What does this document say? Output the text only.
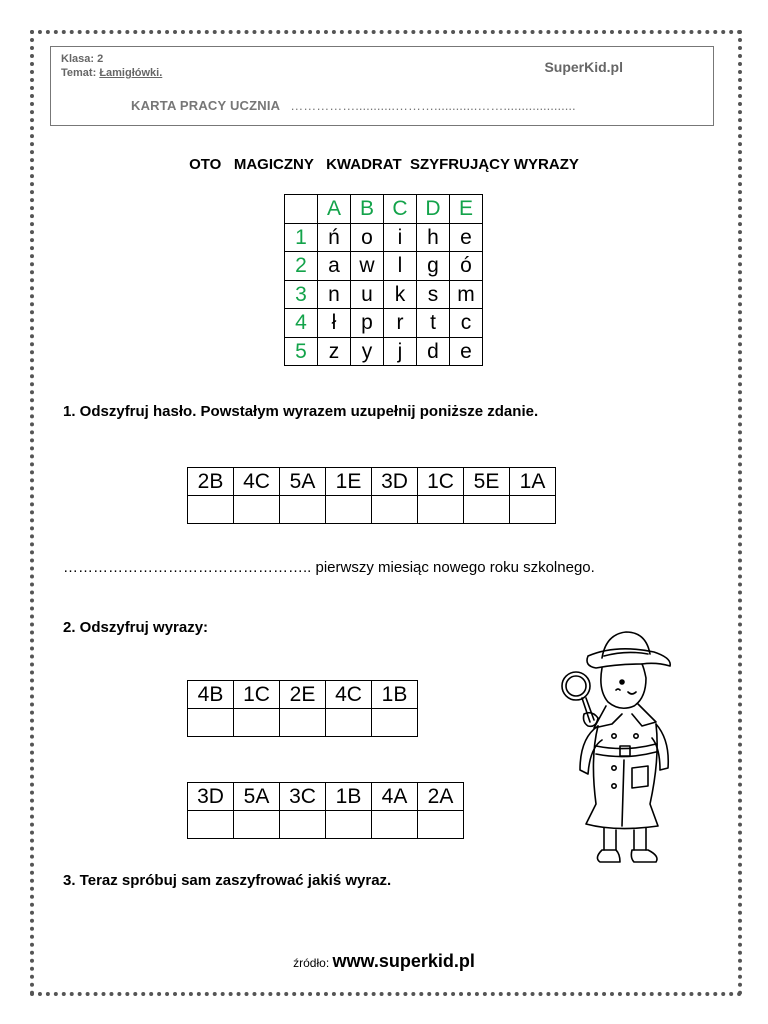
Klasa: 2
Temat: Łamigłówki.	SuperKid.pl
KARTA PRACY UCZNIA ……………...........………............……....................
OTO   MAGICZNY   KWADRAT  SZYFRUJĄCY WYRAZY
	A	B	C	D	E
1	ń	o	i	h	e
2	a	w	l	g	ó
3	n	u	k	s	m
4	ł	p	r	t	c
5	z	y	j	d	e
1. Odszyfruj hasło. Powstałym wyrazem uzupełnij poniższe zdanie.
2B	4C	5A	1E	3D	1C	5E	1A

………………………………………….. pierwszy miesiąc nowego roku szkolnego.
2. Odszyfruj wyrazy:
4B	1C	2E	4C	1B

3D	5A	3C	1B	4A	2A

3. Teraz spróbuj sam zaszyfrować jakiś wyraz.
źródło: www.superkid.pl
